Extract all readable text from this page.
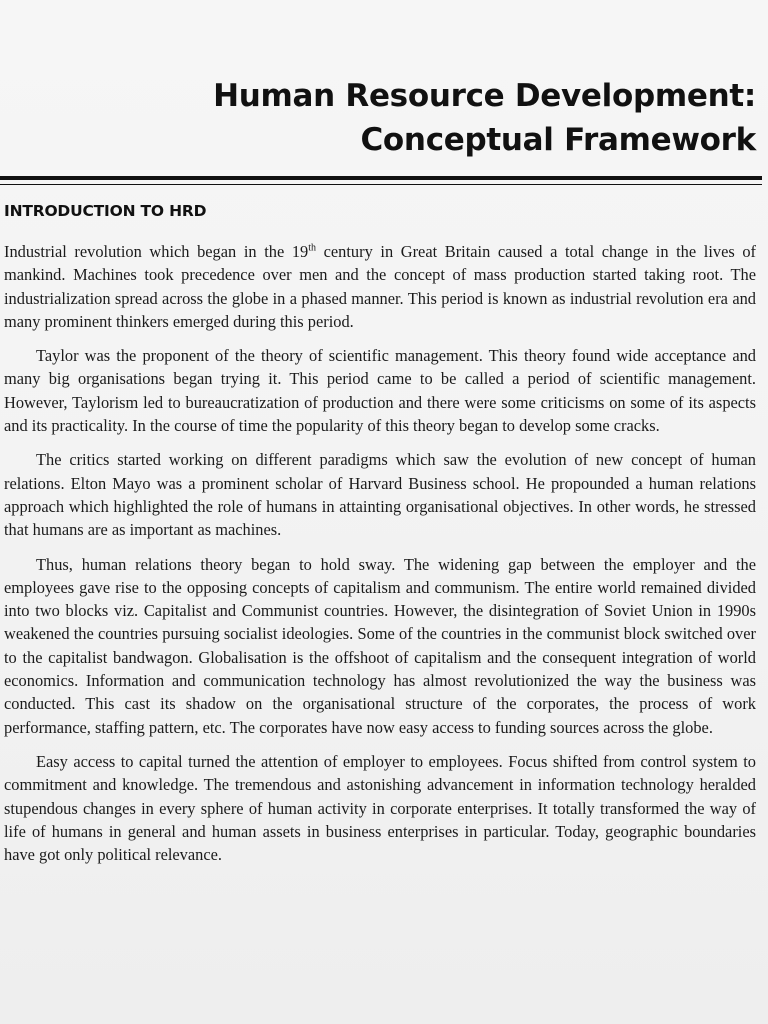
Human Resource Development:
Conceptual Framework
INTRODUCTION TO HRD

Industrial revolution which began in the 19th century in Great Britain caused a total change in the lives of mankind. Machines took precedence over men and the concept of mass production started taking root. The industrialization spread across the globe in a phased manner. This period is known as industrial revolution era and many prominent thinkers emerged during this period.

Taylor was the proponent of the theory of scientific management. This theory found wide acceptance and many big organisations began trying it. This period came to be called a period of scientific management. However, Taylorism led to bureaucratization of production and there were some criticisms on some of its aspects and its practicality. In the course of time the popularity of this theory began to develop some cracks.

The critics started working on different paradigms which saw the evolution of new concept of human relations. Elton Mayo was a prominent scholar of Harvard Business school. He propounded a human relations approach which highlighted the role of humans in attainting organisational objectives. In other words, he stressed that humans are as important as machines.

Thus, human relations theory began to hold sway. The widening gap between the employer and the employees gave rise to the opposing concepts of capitalism and communism. The entire world remained divided into two blocks viz. Capitalist and Communist countries. However, the disintegration of Soviet Union in 1990s weakened the countries pursuing socialist ideologies. Some of the countries in the communist block switched over to the capitalist bandwagon. Globalisation is the offshoot of capitalism and the consequent integration of world economics. Information and communication technology has almost revolutionized the way the business was conducted. This cast its shadow on the organisational structure of the corporates, the process of work performance, staffing pattern, etc. The corporates have now easy access to funding sources across the globe.

Easy access to capital turned the attention of employer to employees. Focus shifted from control system to commitment and knowledge. The tremendous and astonishing advancement in information technology heralded stupendous changes in every sphere of human activity in corporate enterprises. It totally transformed the way of life of humans in general and human assets in business enterprises in particular. Today, geographic boundaries have got only political relevance.
